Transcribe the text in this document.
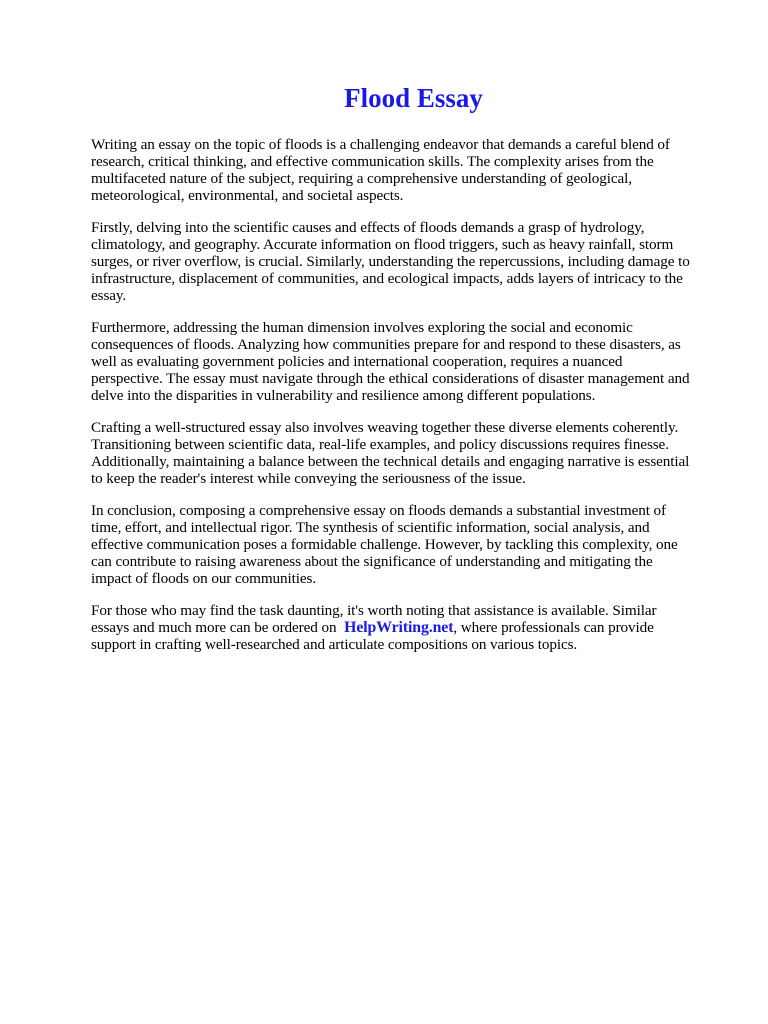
Flood Essay

Writing an essay on the topic of floods is a challenging endeavor that demands a careful blend of research, critical thinking, and effective communication skills. The complexity arises from the multifaceted nature of the subject, requiring a comprehensive understanding of geological, meteorological, environmental, and societal aspects.

Firstly, delving into the scientific causes and effects of floods demands a grasp of hydrology, climatology, and geography. Accurate information on flood triggers, such as heavy rainfall, storm surges, or river overflow, is crucial. Similarly, understanding the repercussions, including damage to infrastructure, displacement of communities, and ecological impacts, adds layers of intricacy to the essay.

Furthermore, addressing the human dimension involves exploring the social and economic consequences of floods. Analyzing how communities prepare for and respond to these disasters, as well as evaluating government policies and international cooperation, requires a nuanced perspective. The essay must navigate through the ethical considerations of disaster management and delve into the disparities in vulnerability and resilience among different populations.

Crafting a well-structured essay also involves weaving together these diverse elements coherently. Transitioning between scientific data, real-life examples, and policy discussions requires finesse. Additionally, maintaining a balance between the technical details and engaging narrative is essential to keep the reader's interest while conveying the seriousness of the issue.

In conclusion, composing a comprehensive essay on floods demands a substantial investment of time, effort, and intellectual rigor. The synthesis of scientific information, social analysis, and effective communication poses a formidable challenge. However, by tackling this complexity, one can contribute to raising awareness about the significance of understanding and mitigating the impact of floods on our communities.

For those who may find the task daunting, it's worth noting that assistance is available. Similar essays and much more can be ordered on HelpWriting.net, where professionals can provide support in crafting well-researched and articulate compositions on various topics.
